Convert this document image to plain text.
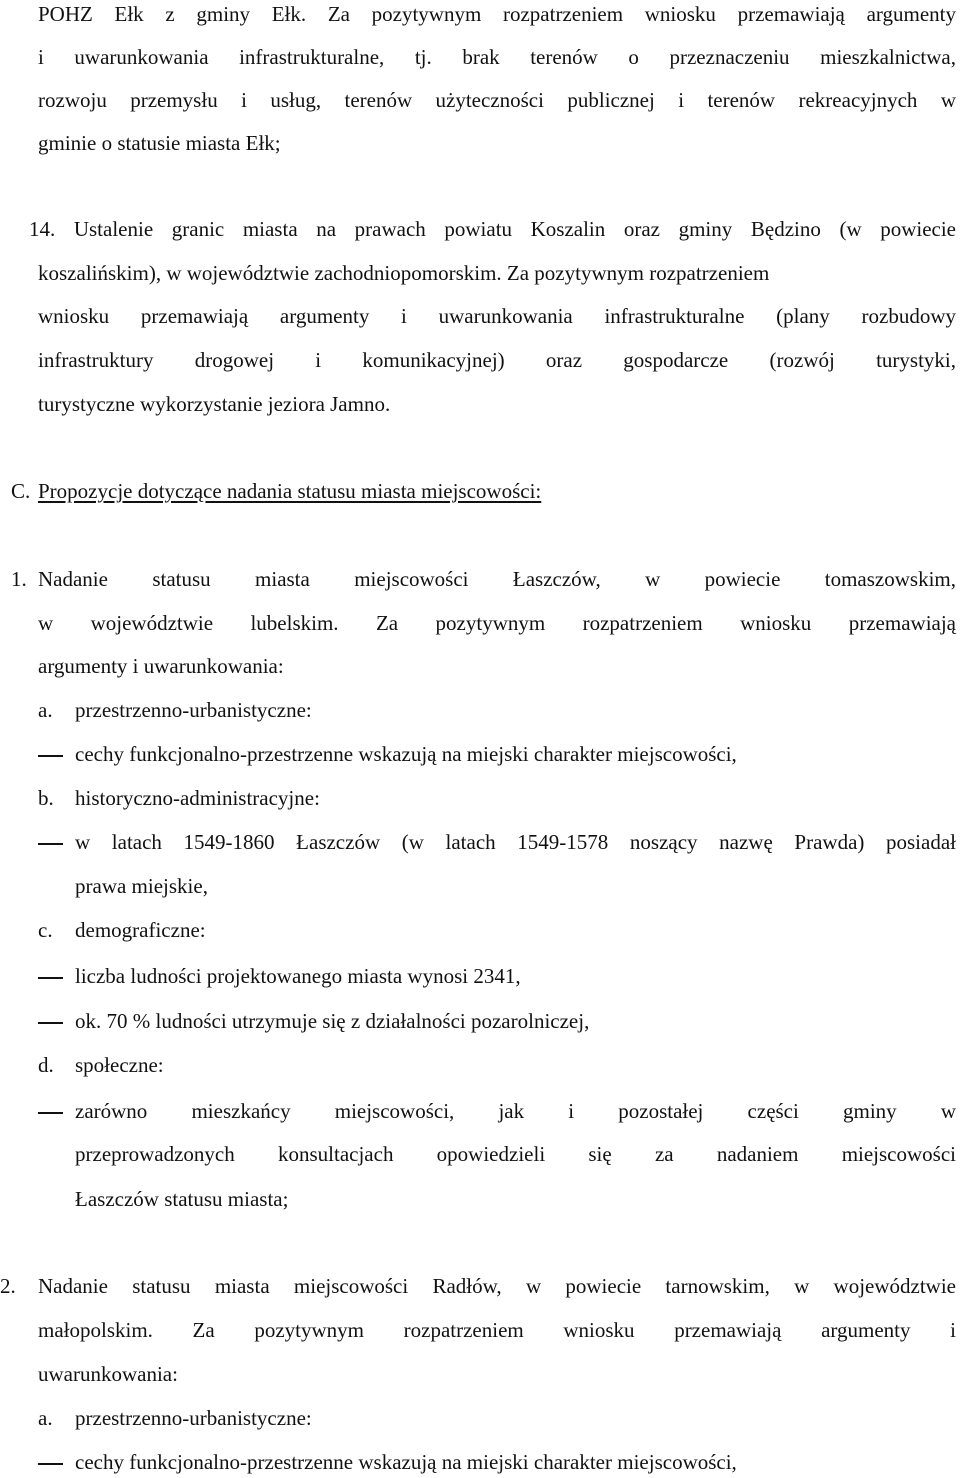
POHZ Ełk z gminy Ełk. Za pozytywnym rozpatrzeniem wniosku przemawiają argumenty
i uwarunkowania infrastrukturalne, tj. brak terenów o przeznaczeniu mieszkalnictwa,
rozwoju przemysłu i usług, terenów użyteczności publicznej i terenów rekreacyjnych w
gminie o statusie miasta Ełk;
14. Ustalenie granic miasta na prawach powiatu Koszalin oraz gminy Będzino (w powiecie
koszalińskim), w województwie zachodniopomorskim. Za pozytywnym rozpatrzeniem
wniosku przemawiają argumenty i uwarunkowania infrastrukturalne (plany rozbudowy
infrastruktury drogowej i komunikacyjnej) oraz gospodarcze (rozwój turystyki,
turystyczne wykorzystanie jeziora Jamno.
C. Propozycje dotyczące nadania statusu miasta miejscowości:
1. Nadanie statusu miasta miejscowości Łaszczów, w powiecie tomaszowskim,
w województwie lubelskim. Za pozytywnym rozpatrzeniem wniosku przemawiają
argumenty i uwarunkowania:
a.	przestrzenno-urbanistyczne:
cechy funkcjonalno-przestrzenne wskazują na miejski charakter miejscowości,
b.	historyczno-administracyjne:
w latach 1549-1860 Łaszczów (w latach 1549-1578 noszący nazwę Prawda) posiadał
prawa miejskie,
c.	demograficzne:
liczba ludności projektowanego miasta wynosi 2341,
ok. 70 % ludności utrzymuje się z działalności pozarolniczej,
d.	społeczne:
zarówno mieszkańcy miejscowości, jak i pozostałej części gminy w
przeprowadzonych konsultacjach opowiedzieli się za nadaniem miejscowości
Łaszczów statusu miasta;
2.	Nadanie statusu miasta miejscowości Radłów, w powiecie tarnowskim, w województwie
małopolskim. Za pozytywnym rozpatrzeniem wniosku przemawiają argumenty i
uwarunkowania:
a.	przestrzenno-urbanistyczne:
cechy funkcjonalno-przestrzenne wskazują na miejski charakter miejscowości,
